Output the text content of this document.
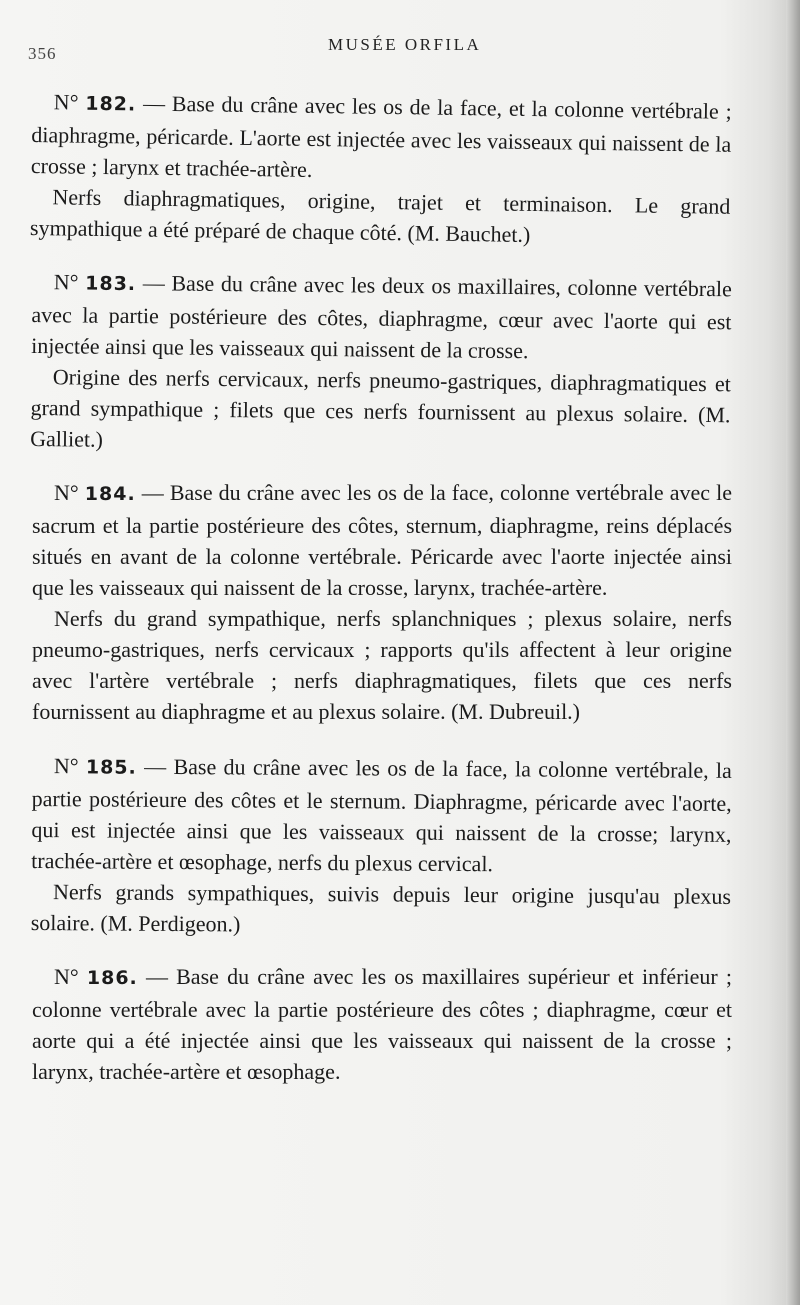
356	MUSÉE ORFILA

N° 182. — Base du crâne avec les os de la face, et la colonne vertébrale ; diaphragme, péricarde. L'aorte est injectée avec les vaisseaux qui naissent de la crosse ; larynx et trachée-artère.

Nerfs diaphragmatiques, origine, trajet et terminaison. Le grand sympathique a été préparé de chaque côté. (M. Bauchet.)

N° 183. — Base du crâne avec les deux os maxillaires, colonne vertébrale avec la partie postérieure des côtes, diaphragme, cœur avec l'aorte qui est injectée ainsi que les vaisseaux qui naissent de la crosse.

Origine des nerfs cervicaux, nerfs pneumo-gastriques, diaphragmatiques et grand sympathique ; filets que ces nerfs fournissent au plexus solaire. (M. Galliet.)

N° 184. — Base du crâne avec les os de la face, colonne vertébrale avec le sacrum et la partie postérieure des côtes, sternum, diaphragme, reins déplacés situés en avant de la colonne vertébrale. Péricarde avec l'aorte injectée ainsi que les vaisseaux qui naissent de la crosse, larynx, trachée-artère.

Nerfs du grand sympathique, nerfs splanchniques ; plexus solaire, nerfs pneumo-gastriques, nerfs cervicaux ; rapports qu'ils affectent à leur origine avec l'artère vertébrale ; nerfs diaphragmatiques, filets que ces nerfs fournissent au diaphragme et au plexus solaire. (M. Dubreuil.)

N° 185. — Base du crâne avec les os de la face, la colonne vertébrale, la partie postérieure des côtes et le sternum. Diaphragme, péricarde avec l'aorte, qui est injectée ainsi que les vaisseaux qui naissent de la crosse; larynx, trachée-artère et œsophage, nerfs du plexus cervical.

Nerfs grands sympathiques, suivis depuis leur origine jusqu'au plexus solaire. (M. Perdigeon.)

N° 186. — Base du crâne avec les os maxillaires supérieur et inférieur ; colonne vertébrale avec la partie postérieure des côtes ; diaphragme, cœur et aorte qui a été injectée ainsi que les vaisseaux qui naissent de la crosse ; larynx, trachée-artère et œsophage.
